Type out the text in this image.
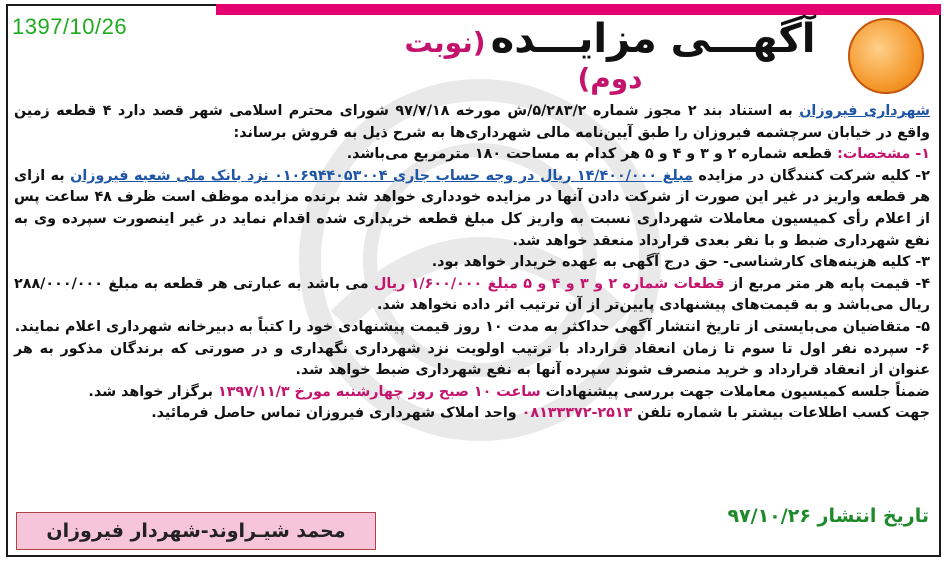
1397/10/26	آگهـــی مزایـــده (نوبت دوم)

شهرداری فیروزان به استناد بند ۲ مجوز شماره ۵/۲۸۳/۲/ش مورخه ۹۷/۷/۱۸ شورای محترم اسلامی شهر قصد دارد ۴ قطعه زمین واقع در خیابان سرچشمه فیروزان را طبق آیین‌نامه مالی شهرداری‌ها به شرح ذیل به فروش برساند:

۱- مشخصات: قطعه شماره ۲ و ۳ و ۴ و ۵ هر کدام به مساحت ۱۸۰ مترمربع می‌باشد.

۲- کلیه شرکت کنندگان در مزایده مبلغ ۱۴/۴۰۰/۰۰۰ ریال در وجه حساب جاری ۰۱۰۶۹۴۴۰۵۳۰۰۴ نزد بانک ملی شعبه فیروزان به ازای هر قطعه واریز در غیر این صورت از شرکت دادن آنها در مزایده خودداری خواهد شد برنده مزایده موظف است ظرف ۴۸ ساعت پس از اعلام رأی کمیسیون معاملات شهرداری نسبت به واریز کل مبلغ قطعه خریداری شده اقدام نماید در غیر اینصورت سپرده وی به نفع شهرداری ضبط و با نفر بعدی قرارداد منعقد خواهد شد.

۳- کلیه هزینه‌های کارشناسی- حق درج آگهی به عهده خریدار خواهد بود.

۴- قیمت پایه هر متر مربع از قطعات شماره ۲ و ۳ و ۴ و ۵ مبلغ ۱/۶۰۰/۰۰۰ ریال می باشد به عبارتی هر قطعه به مبلغ ۲۸۸/۰۰۰/۰۰۰ ریال می‌باشد و به قیمت‌های پیشنهادی پایین‌تر از آن ترتیب اثر داده نخواهد شد.

۵- متقاضیان می‌بایستی از تاریخ انتشار آگهی حداکثر به مدت ۱۰ روز قیمت پیشنهادی خود را کتباً به دبیرخانه شهرداری اعلام نمایند.

۶- سپرده نفر اول تا سوم تا زمان انعقاد قرارداد با ترتیب اولویت نزد شهرداری نگهداری و در صورتی که برندگان مذکور به هر عنوان از انعقاد قرارداد و خرید منصرف شوند سپرده آنها به نفع شهرداری ضبط خواهد شد.

ضمناً جلسه کمیسیون معاملات جهت بررسی پیشنهادات ساعت ۱۰ صبح روز چهارشنبه مورخ ۱۳۹۷/۱۱/۳ برگزار خواهد شد.

جهت کسب اطلاعات بیشتر با شماره تلفن ۲۵۱۳-۰۸۱۳۳۳۷۲ واحد املاک شهرداری فیروزان تماس حاصل فرمائید.

تاریخ انتشار ۹۷/۱۰/۲۶
محمد شیـراوند-شهردار فیروزان
